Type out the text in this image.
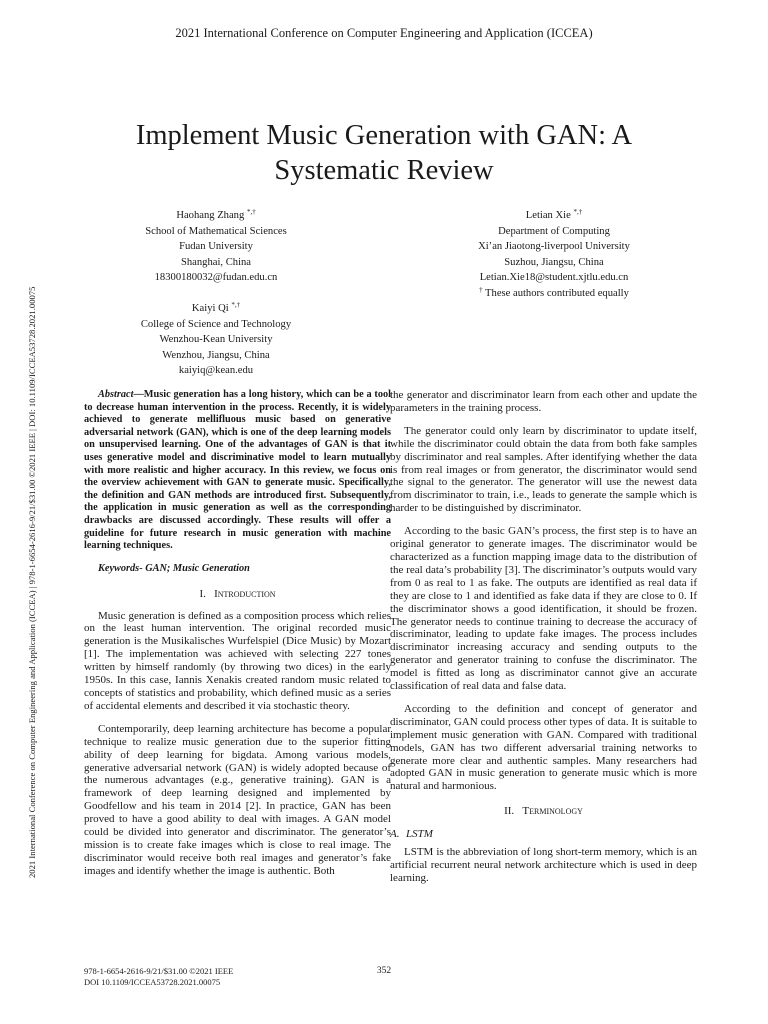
2021 International Conference on Computer Engineering and Application (ICCEA)
2021 International Conference on Computer Engineering and Application (ICCEA) | 978-1-6654-2616-9/21/$31.00 ©2021 IEEE | DOI: 10.1109/ICCEA53728.2021.00075
Implement Music Generation with GAN: A Systematic Review
Haohang Zhang *,†
School of Mathematical Sciences
Fudan University
Shanghai, China
18300180032@fudan.edu.cn
Letian Xie *,†
Department of Computing
Xi’an Jiaotong-liverpool University
Suzhou, Jiangsu, China
Letian.Xie18@student.xjtlu.edu.cn
† These authors contributed equally
Kaiyi Qi *,†
College of Science and Technology
Wenzhou-Kean University
Wenzhou, Jiangsu, China
kaiyiq@kean.edu

Abstract—Music generation has a long history, which can be a tool to decrease human intervention in the process. Recently, it is widely achieved to generate mellifluous music based on generative adversarial network (GAN), which is one of the deep learning models on unsupervised learning. One of the advantages of GAN is that it uses generative model and discriminative model to learn mutually with more realistic and higher accuracy. In this review, we focus on the overview achievement with GAN to generate music. Specifically, the definition and GAN methods are introduced first. Subsequently, the application in music generation as well as the corresponding drawbacks are discussed accordingly. These results will offer a guideline for future research in music generation with machine learning techniques.

Keywords- GAN; Music Generation

I. Introduction

Music generation is defined as a composition process which relies on the least human intervention. The original recorded music generation is the Musikalisches Wurfelspiel (Dice Music) by Mozart [1]. The implementation was achieved with selecting 227 tones written by himself randomly (by throwing two dices) in the early 1950s. In this case, Iannis Xenakis created random music related to concepts of statistics and probability, which defined music as a series of accidental elements and described it via stochastic theory.

Contemporarily, deep learning architecture has become a popular technique to realize music generation due to the superior fitting ability of deep learning for bigdata. Among various models, generative adversarial network (GAN) is widely adopted because of the numerous advantages (e.g., generative training). GAN is a framework of deep learning designed and implemented by Goodfellow and his team in 2014 [2]. In practice, GAN has been proved to have a good ability to deal with images. A GAN model could be divided into generator and discriminator. The generator’s mission is to create fake images which is close to real image. The discriminator would receive both real images and generator’s fake images and identify whether the image is authentic. Both

the generator and discriminator learn from each other and update the parameters in the training process.

The generator could only learn by discriminator to update itself, while the discriminator could obtain the data from both fake samples by discriminator and real samples. After identifying whether the data is from real images or from generator, the discriminator would send the signal to the generator. The generator will use the newest data from discriminator to train, i.e., leads to generate the sample which is harder to be distinguished by discriminator.

According to the basic GAN’s process, the first step is to have an original generator to generate images. The discriminator would be characterized as a function mapping image data to the distribution of the real data’s probability [3]. The discriminator’s outputs would vary from 0 as real to 1 as fake. The outputs are identified as real data if they are close to 1 and identified as fake data if they are close to 0. If the discriminator shows a good identification, it should be frozen. The generator needs to continue training to decrease the accuracy of discriminator, leading to update fake images. The process includes discriminator increasing accuracy and sending outputs to the generator and generator training to confuse the discriminator. The model is fitted as long as discriminator cannot give an accurate classification of real data and false data.

According to the definition and concept of generator and discriminator, GAN could process other types of data. It is suitable to implement music generation with GAN. Compared with traditional models, GAN has two different adversarial training networks to generate more clear and authentic samples. Many researchers had adopted GAN in music generation to generate music which is more natural and harmonious.

II. Terminology
A. LSTM

LSTM is the abbreviation of long short-term memory, which is an artificial recurrent neural network architecture which is used in deep learning.

978-1-6654-2616-9/21/$31.00 ©2021 IEEE
DOI 10.1109/ICCEA53728.2021.00075
352
